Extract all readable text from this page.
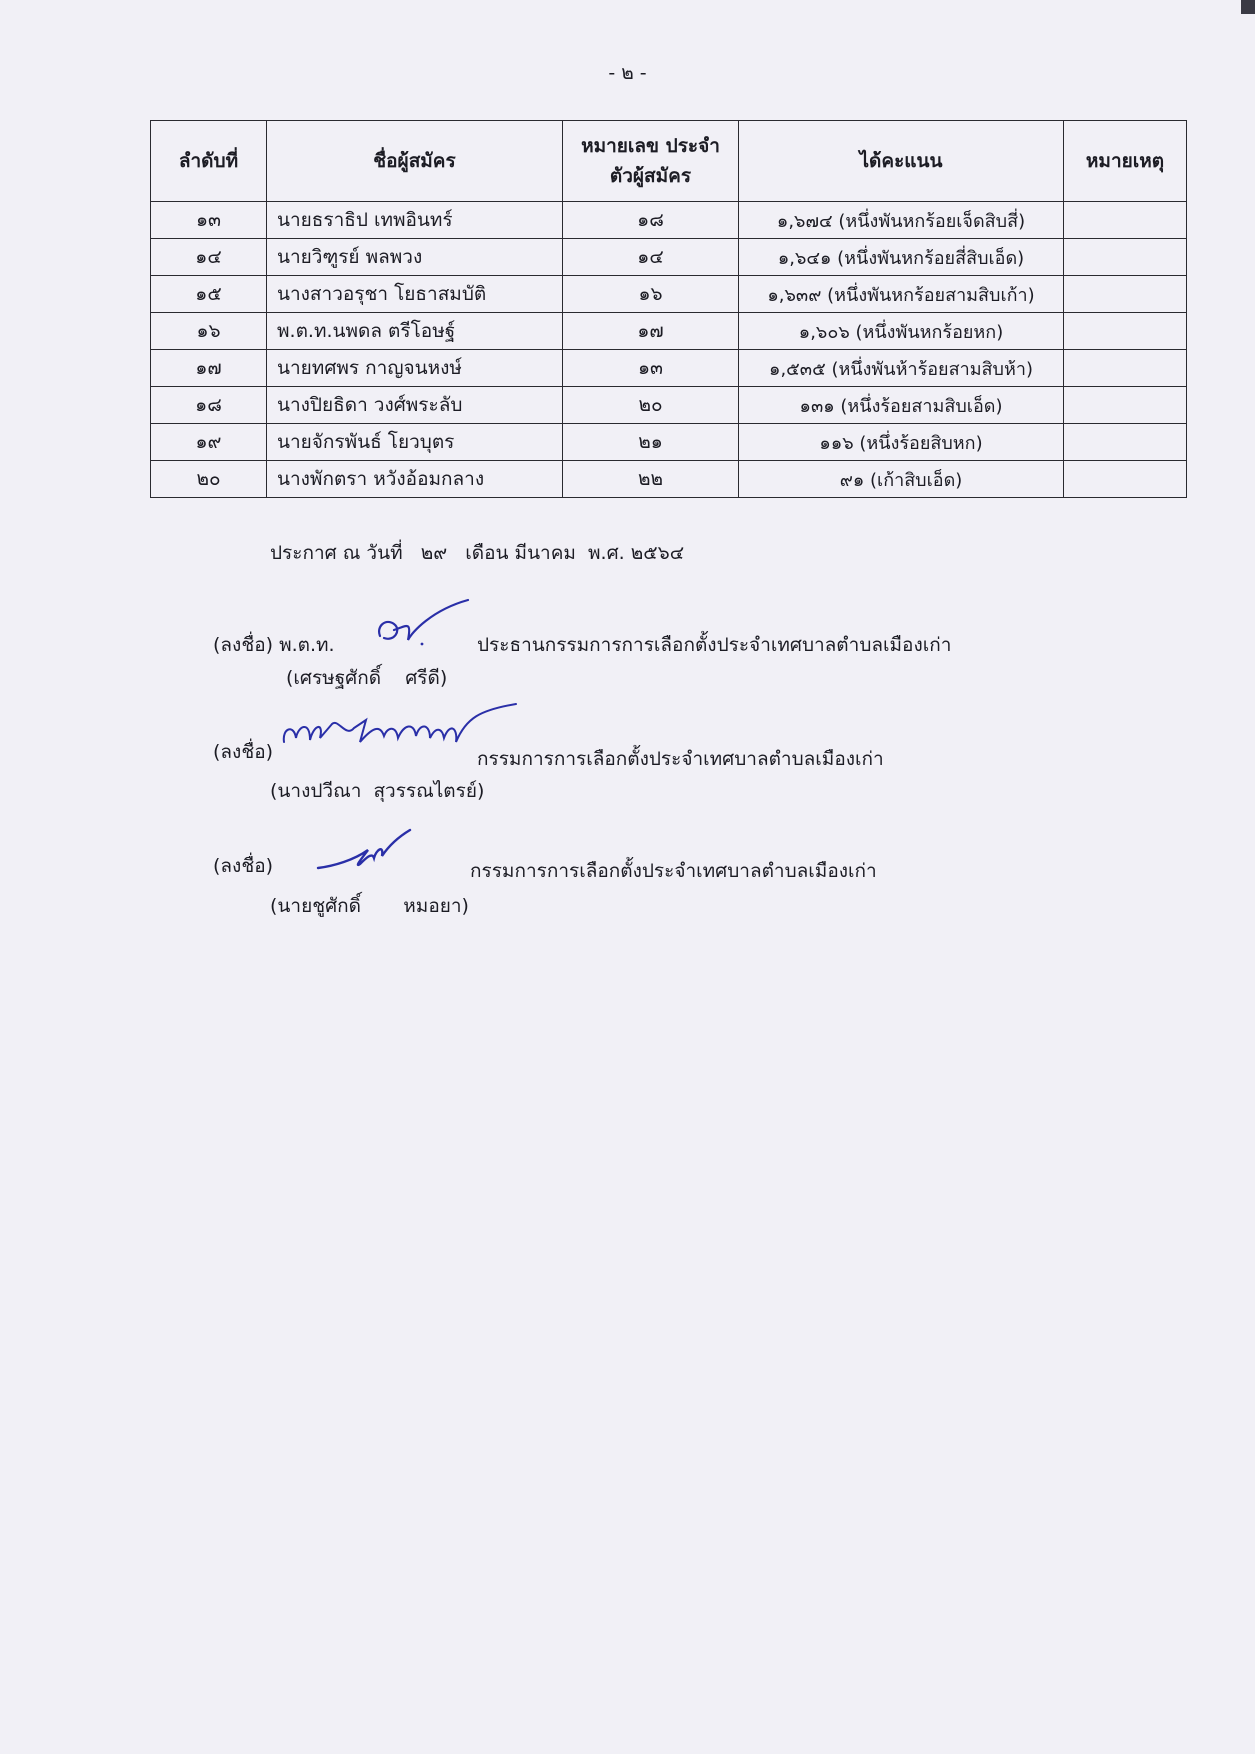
- ๒ -
ลำดับที่	ชื่อผู้สมัคร	หมายเลข ประจำตัวผู้สมัคร	ได้คะแนน	หมายเหตุ
๑๓	นายธราธิป เทพอินทร์	๑๘	๑,๖๗๔ (หนึ่งพันหกร้อยเจ็ดสิบสี่)	
๑๔	นายวิฑูรย์ พลพวง	๑๔	๑,๖๔๑ (หนึ่งพันหกร้อยสี่สิบเอ็ด)	
๑๕	นางสาวอรุชา โยธาสมบัติ	๑๖	๑,๖๓๙ (หนึ่งพันหกร้อยสามสิบเก้า)	
๑๖	พ.ต.ท.นพดล ตรีโอษฐ์	๑๗	๑,๖๐๖ (หนึ่งพันหกร้อยหก)	
๑๗	นายทศพร กาญจนหงษ์	๑๓	๑,๕๓๕ (หนึ่งพันห้าร้อยสามสิบห้า)	
๑๘	นางปิยธิดา วงศ์พระลับ	๒๐	๑๓๑ (หนึ่งร้อยสามสิบเอ็ด)	
๑๙	นายจักรพันธ์ โยวบุตร	๒๑	๑๑๖ (หนึ่งร้อยสิบหก)	
๒๐	นางพักตรา หวังอ้อมกลาง	๒๒	๙๑ (เก้าสิบเอ็ด)	
ประกาศ ณ วันที่   ๒๙   เดือน มีนาคม  พ.ศ. ๒๕๖๔
(ลงชื่อ) พ.ต.ท.	ประธานกรรมการการเลือกตั้งประจำเทศบาลตำบลเมืองเก่า
(เศรษฐศักดิ์    ศรีดี)
(ลงชื่อ)	กรรมการการเลือกตั้งประจำเทศบาลตำบลเมืองเก่า
(นางปวีณา  สุวรรณไตรย์)
(ลงชื่อ)	กรรมการการเลือกตั้งประจำเทศบาลตำบลเมืองเก่า
(นายชูศักดิ์       หมอยา)
